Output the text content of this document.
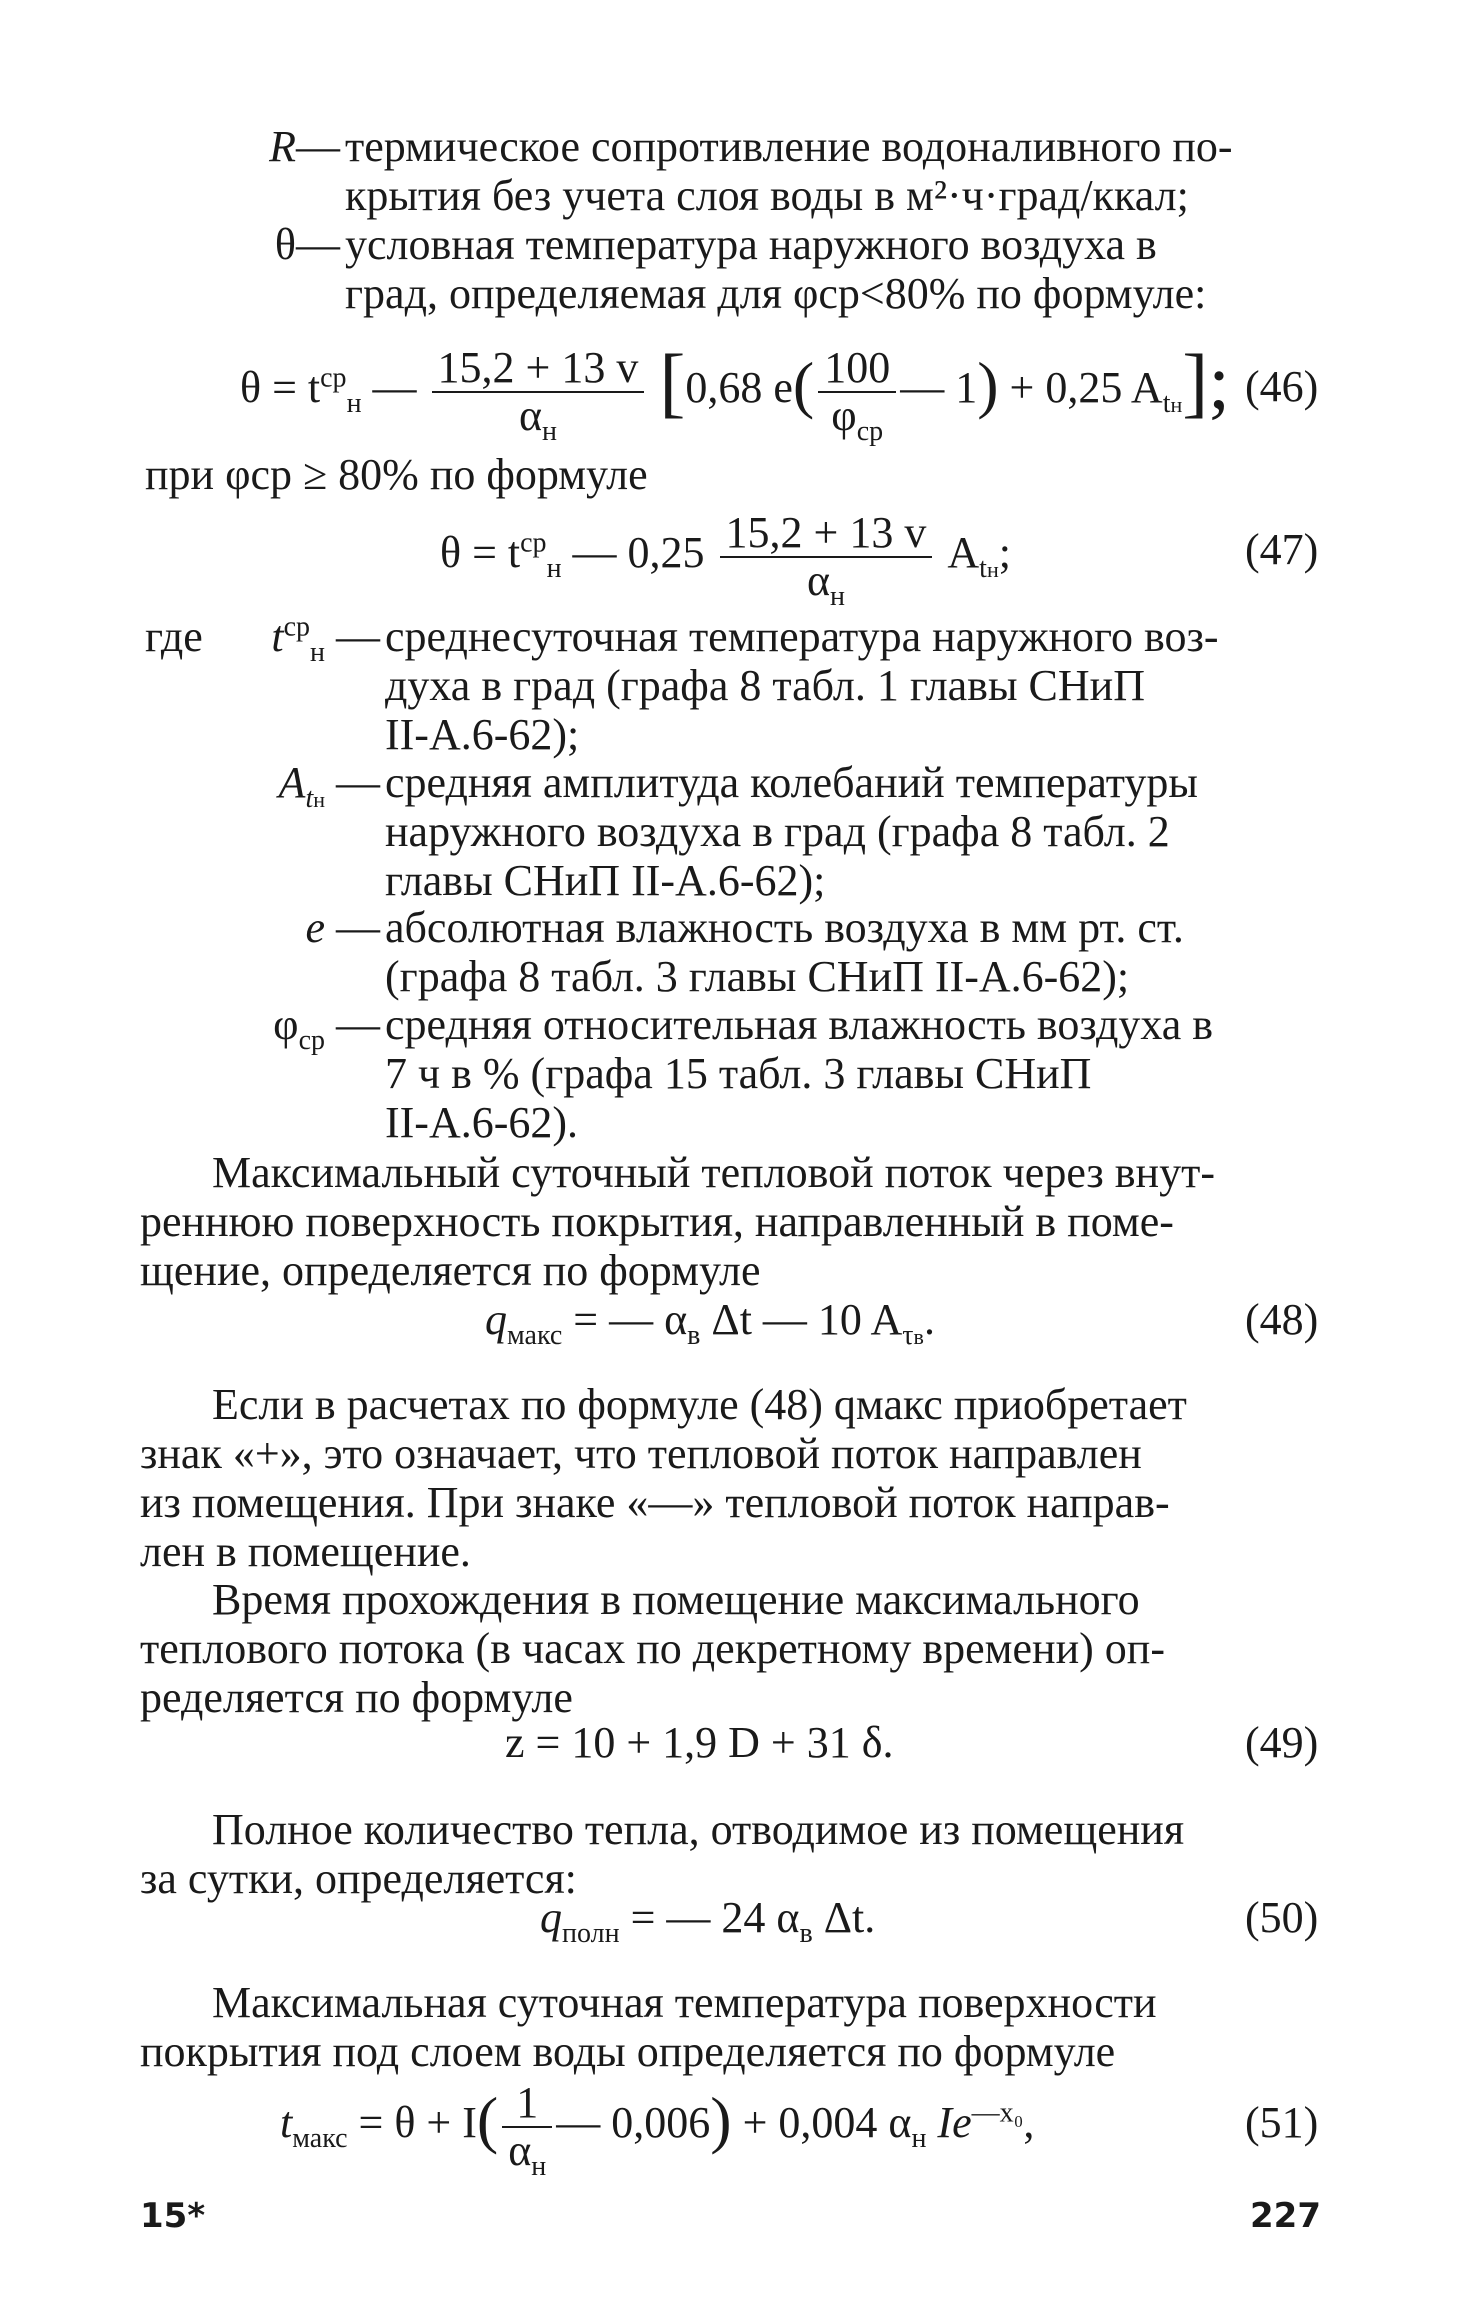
R— термическое сопротивление водоналивного по-
крытия без учета слоя воды в м²·ч·град/ккал;
θ— условная температура наружного воздуха в
град, определяемая для φср<80% по формуле:
$\theta = t^{ср}_н$ — $\frac{15,2 + 13 v}{\alpha_н} [0,68$ $e( \frac{100}{\varphi_{ср}}$ — 1) + 0,25 $A_{tн}$]; (46)
при φср ≥ 80% по формуле
$\theta = t^{ср}_н$ — $0,25 \frac{15,2 + 13 v}{\alpha_н} A_{tн}$;	(47)
где	$t^{ср}_н$ — среднесуточная температура наружного воз-
духа в град (графа 8 табл. 1 главы СНиП
II-А.6-62);
$A_{tн}$ — средняя амплитуда колебаний температуры
наружного воздуха в град (графа 8 табл. 2
главы СНиП II-А.6-62);
e — абсолютная влажность воздуха в мм рт. ст.
(графа 8 табл. 3 главы СНиП II-А.6-62);
$\varphi_{ср}$ — средняя относительная влажность воздуха в
7 ч в % (графа 15 табл. 3 главы СНиП
II-А.6-62).
Максимальный суточный тепловой поток через внут-
реннюю поверхность покрытия, направленный в поме-
щение, определяется по формуле
$q_{макс}$ = — $\alpha_в$ Δt — 10 $A_{\tau в}$.	(48)
Если в расчетах по формуле (48) qмакс приобретает
знак «+», это означает, что тепловой поток направлен
из помещения. При знаке «—» тепловой поток направ-
лен в помещение.
Время прохождения в помещение максимального
теплового потока (в часах по декретному времени) оп-
ределяется по формуле
z = 10 + 1,9 D + 31 δ.	(49)
Полное количество тепла, отводимое из помещения
за сутки, определяется:
$q_{полн}$ = — 24 $\alpha_в$ Δt.	(50)
Максимальная суточная температура поверхности
покрытия под слоем воды определяется по формуле
$t_{макс} = \theta + I( \frac{1}{\alpha_н}$ — 0,006) + 0,004 $\alpha_н$ $Ie^{—x_0}$,	(51)
15*	227
